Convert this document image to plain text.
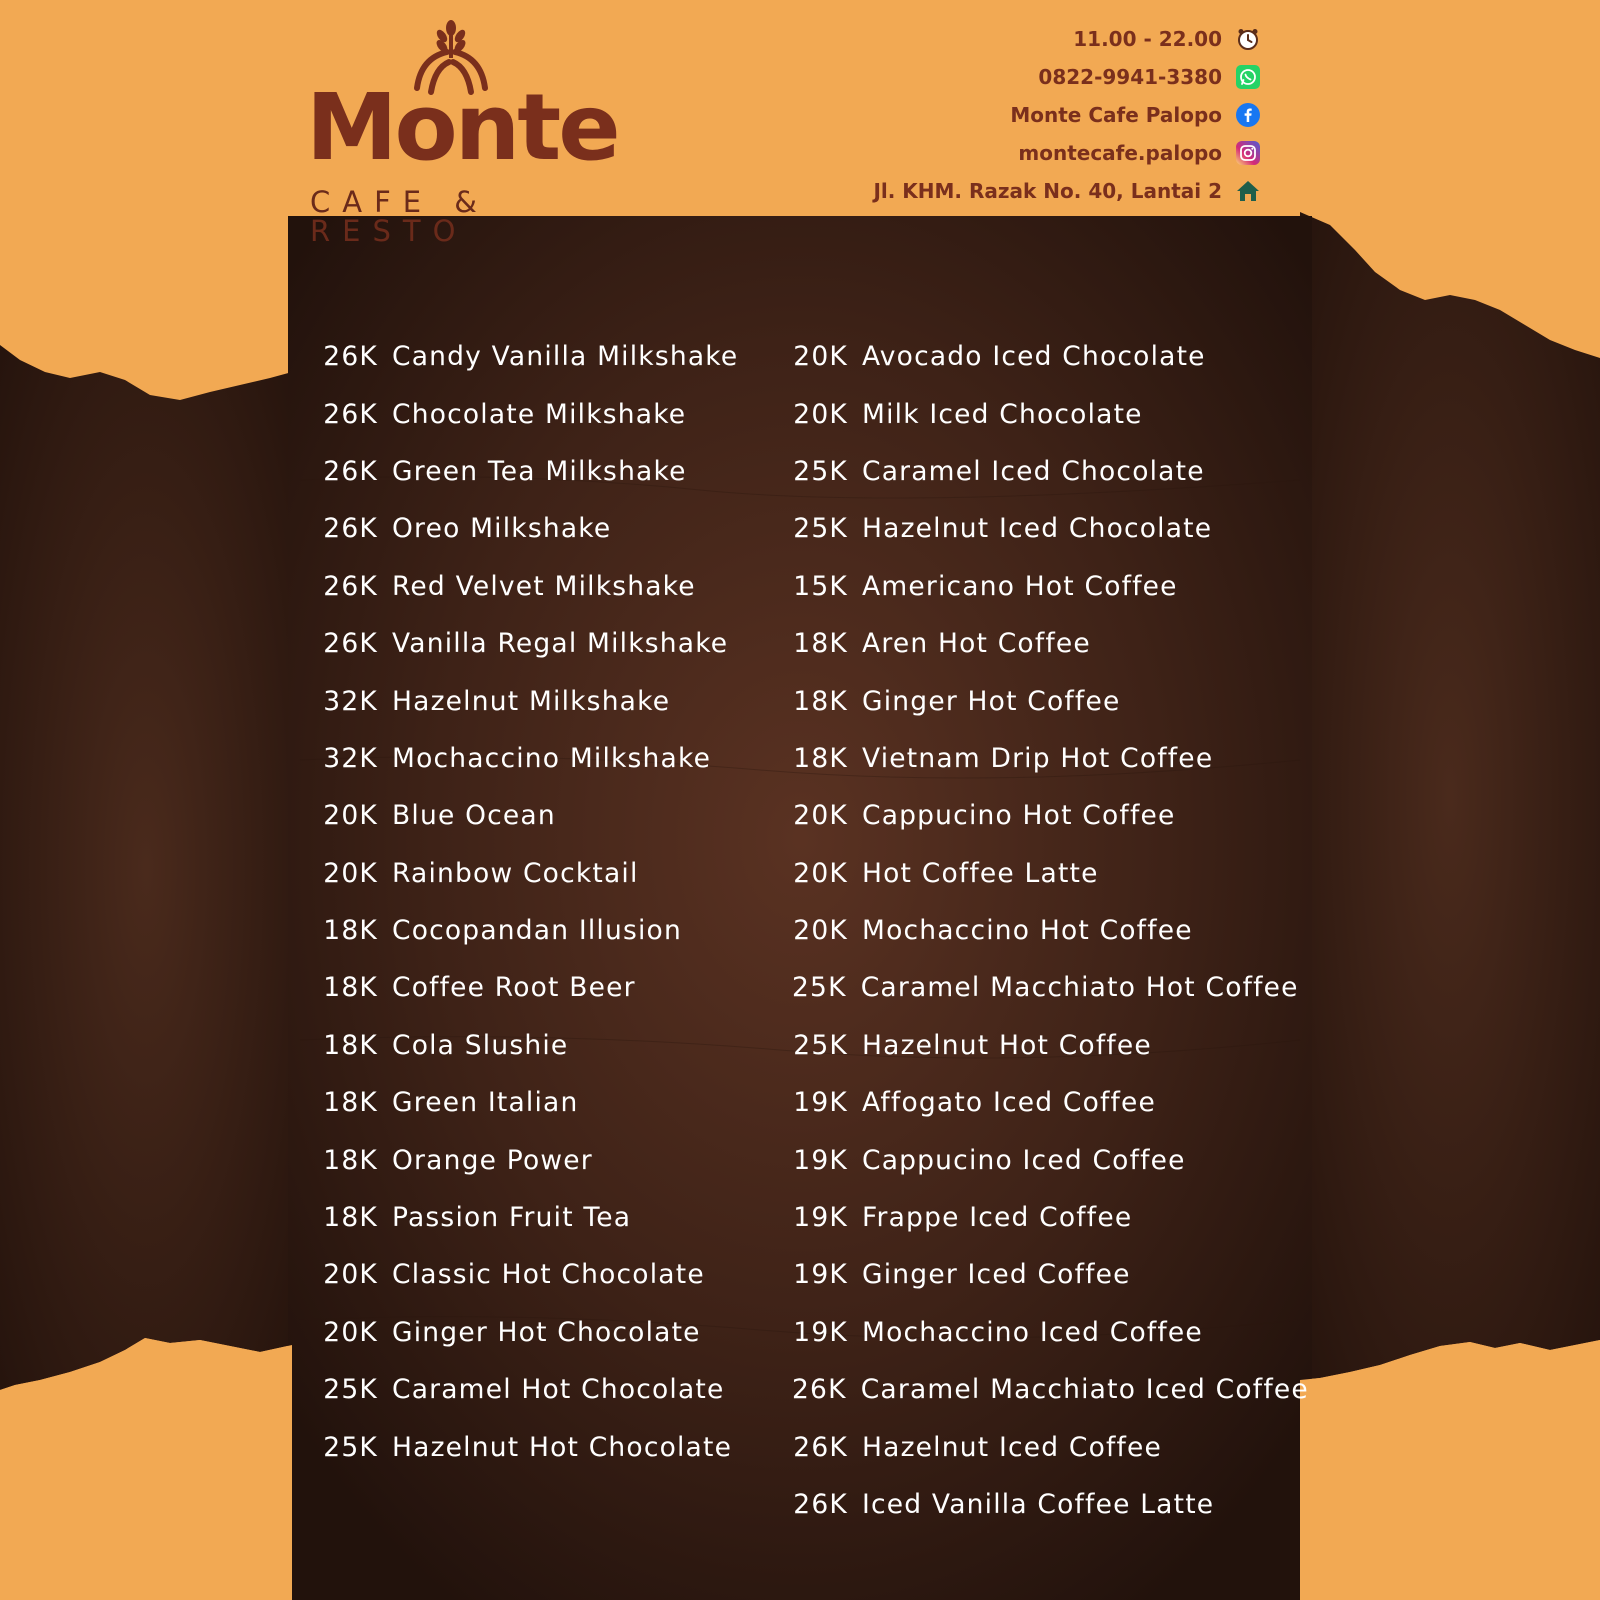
Monte
CAFE & RESTO
11.00 - 22.00
0822-9941-3380
Monte Cafe Palopo
montecafe.palopo
Jl. KHM. Razak No. 40, Lantai 2
26K Candy Vanilla Milkshake
26K Chocolate Milkshake
26K Green Tea Milkshake
26K Oreo Milkshake
26K Red Velvet Milkshake
26K Vanilla Regal Milkshake
32K Hazelnut Milkshake
32K Mochaccino Milkshake
20K Blue Ocean
20K Rainbow Cocktail
18K Cocopandan Illusion
18K Coffee Root Beer
18K Cola Slushie
18K Green Italian
18K Orange Power
18K Passion Fruit Tea
20K Classic Hot Chocolate
20K Ginger Hot Chocolate
25K Caramel Hot Chocolate
25K Hazelnut Hot Chocolate
20K Avocado Iced Chocolate
20K Milk Iced Chocolate
25K Caramel Iced Chocolate
25K Hazelnut Iced Chocolate
15K Americano Hot Coffee
18K Aren Hot Coffee
18K Ginger Hot Coffee
18K Vietnam Drip Hot Coffee
20K Cappucino Hot Coffee
20K Hot Coffee Latte
20K Mochaccino Hot Coffee
25K Caramel Macchiato Hot Coffee
25K Hazelnut Hot Coffee
19K Affogato Iced Coffee
19K Cappucino Iced Coffee
19K Frappe Iced Coffee
19K Ginger Iced Coffee
19K Mochaccino Iced Coffee
26K Caramel Macchiato Iced Coffee
26K Hazelnut Iced Coffee
26K Iced Vanilla Coffee Latte
